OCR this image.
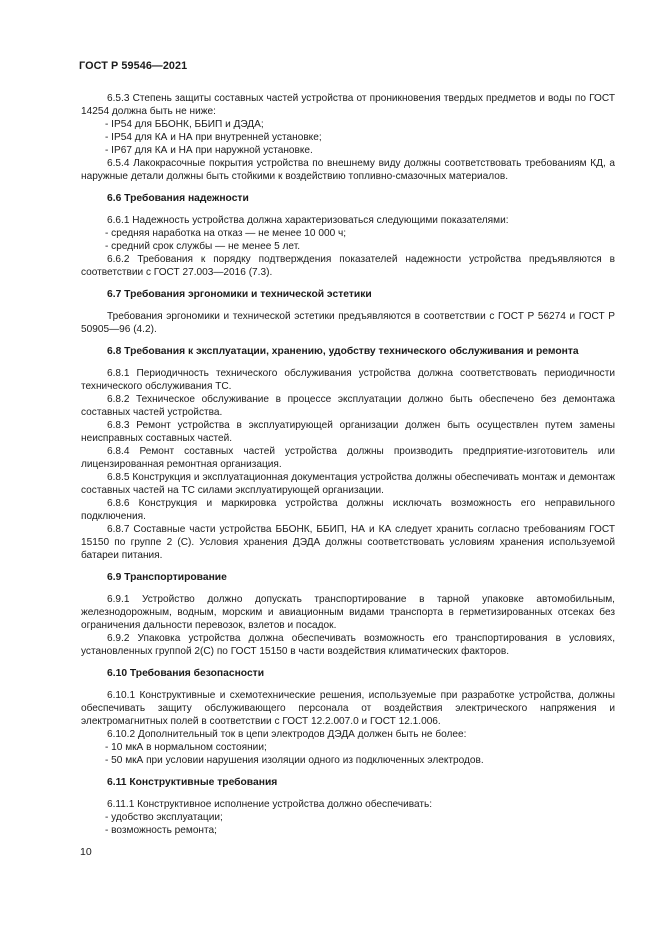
ГОСТ Р 59546—2021
6.5.3 Степень защиты составных частей устройства от проникновения твердых предметов и воды по ГОСТ 14254 должна быть не ниже:
- IP54 для ББОНК, ББИП и ДЭДА;
- IP54 для КА и НА при внутренней установке;
- IP67 для КА и НА при наружной установке.
6.5.4 Лакокрасочные покрытия устройства по внешнему виду должны соответствовать требованиям КД, а наружные детали должны быть стойкими к воздействию топливно-смазочных материалов.
6.6 Требования надежности
6.6.1 Надежность устройства должна характеризоваться следующими показателями:
- средняя наработка на отказ — не менее 10 000 ч;
- средний срок службы — не менее 5 лет.
6.6.2 Требования к порядку подтверждения показателей надежности устройства предъявляются в соответствии с ГОСТ 27.003—2016 (7.3).
6.7 Требования эргономики и технической эстетики
Требования эргономики и технической эстетики предъявляются в соответствии с ГОСТ Р 56274 и ГОСТ Р 50905—96 (4.2).
6.8 Требования к эксплуатации, хранению, удобству технического обслуживания и ремонта
6.8.1 Периодичность технического обслуживания устройства должна соответствовать периодичности технического обслуживания ТС.
6.8.2 Техническое обслуживание в процессе эксплуатации должно быть обеспечено без демонтажа составных частей устройства.
6.8.3 Ремонт устройства в эксплуатирующей организации должен быть осуществлен путем замены неисправных составных частей.
6.8.4 Ремонт составных частей устройства должны производить предприятие-изготовитель или лицензированная ремонтная организация.
6.8.5 Конструкция и эксплуатационная документация устройства должны обеспечивать монтаж и демонтаж составных частей на ТС силами эксплуатирующей организации.
6.8.6 Конструкция и маркировка устройства должны исключать возможность его неправильного подключения.
6.8.7 Составные части устройства ББОНК, ББИП, НА и КА следует хранить согласно требованиям ГОСТ 15150 по группе 2 (С). Условия хранения ДЭДА должны соответствовать условиям хранения используемой батареи питания.
6.9 Транспортирование
6.9.1 Устройство должно допускать транспортирование в тарной упаковке автомобильным, железнодорожным, водным, морским и авиационным видами транспорта в герметизированных отсеках без ограничения дальности перевозок, взлетов и посадок.
6.9.2 Упаковка устройства должна обеспечивать возможность его транспортирования в условиях, установленных группой 2(С) по ГОСТ 15150 в части воздействия климатических факторов.
6.10 Требования безопасности
6.10.1 Конструктивные и схемотехнические решения, используемые при разработке устройства, должны обеспечивать защиту обслуживающего персонала от воздействия электрического напряжения и электромагнитных полей в соответствии с ГОСТ 12.2.007.0 и ГОСТ 12.1.006.
6.10.2 Дополнительный ток в цепи электродов ДЭДА должен быть не более:
- 10 мкА в нормальном состоянии;
- 50 мкА при условии нарушения изоляции одного из подключенных электродов.
6.11 Конструктивные требования
6.11.1 Конструктивное исполнение устройства должно обеспечивать:
- удобство эксплуатации;
- возможность ремонта;
10
